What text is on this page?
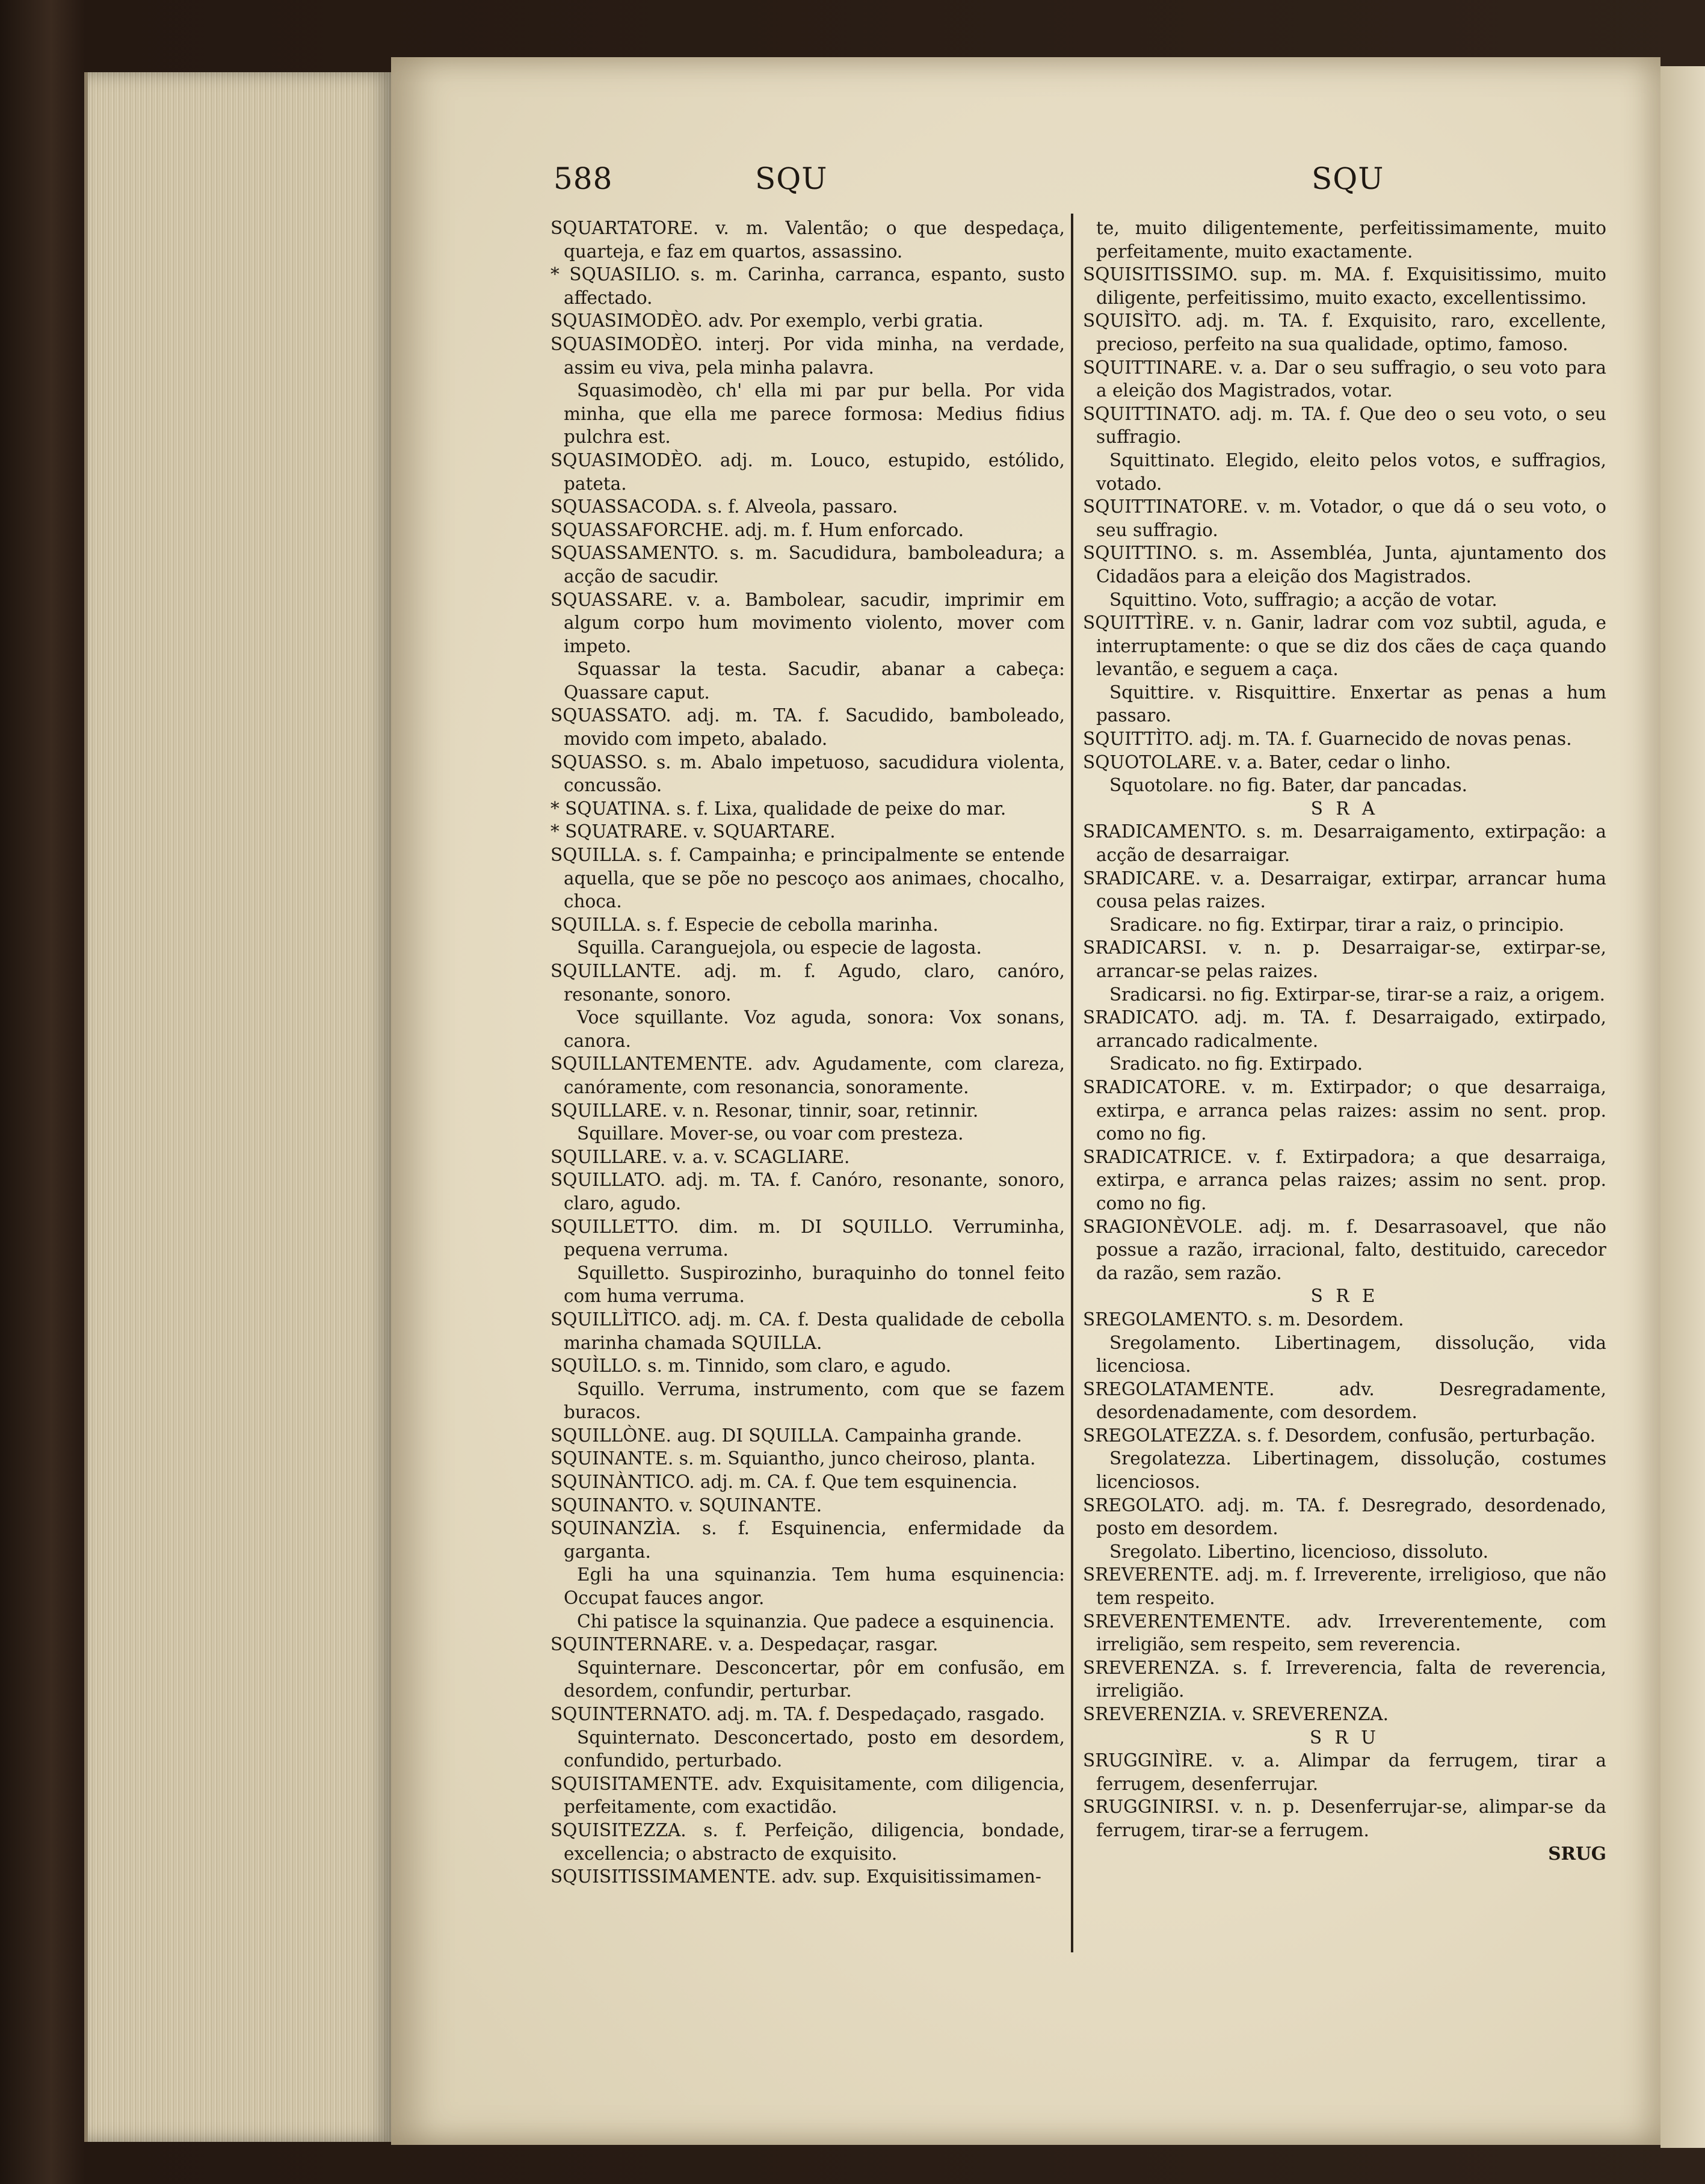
588	SQU	SQU

SQUARTATORE. v. m. Valentão; o que despedaça, quarteja, e faz em quartos, assassino.

* SQUASILIO. s. m. Carinha, carranca, espanto, susto affectado.

SQUASIMODÈO. adv. Por exemplo, verbi gratia.

SQUASIMODÈO. interj. Por vida minha, na verdade, assim eu viva, pela minha palavra.

Squasimodèo, ch' ella mi par pur bella. Por vida minha, que ella me parece formosa: Medius fidius pulchra est.

SQUASIMODÈO. adj. m. Louco, estupido, estólido, pateta.

SQUASSACODA. s. f. Alveola, passaro.

SQUASSAFORCHE. adj. m. f. Hum enforcado.

SQUASSAMENTO. s. m. Sacudidura, bamboleadura; a acção de sacudir.

SQUASSARE. v. a. Bambolear, sacudir, imprimir em algum corpo hum movimento violento, mover com impeto.

Squassar la testa. Sacudir, abanar a cabeça: Quassare caput.

SQUASSATO. adj. m. TA. f. Sacudido, bamboleado, movido com impeto, abalado.

SQUASSO. s. m. Abalo impetuoso, sacudidura violenta, concussão.

* SQUATINA. s. f. Lixa, qualidade de peixe do mar.

* SQUATRARE. v. SQUARTARE.

SQUILLA. s. f. Campainha; e principalmente se entende aquella, que se põe no pescoço aos animaes, chocalho, choca.

SQUILLA. s. f. Especie de cebolla marinha.

Squilla. Caranguejola, ou especie de lagosta.

SQUILLANTE. adj. m. f. Agudo, claro, canóro, resonante, sonoro.

Voce squillante. Voz aguda, sonora: Vox sonans, canora.

SQUILLANTEMENTE. adv. Agudamente, com clareza, canóramente, com resonancia, sonoramente.

SQUILLARE. v. n. Resonar, tinnir, soar, retinnir.

Squillare. Mover-se, ou voar com presteza.

SQUILLARE. v. a. v. SCAGLIARE.

SQUILLATO. adj. m. TA. f. Canóro, resonante, sonoro, claro, agudo.

SQUILLETTO. dim. m. DI SQUILLO. Verruminha, pequena verruma.

Squilletto. Suspirozinho, buraquinho do tonnel feito com huma verruma.

SQUILLÌTICO. adj. m. CA. f. Desta qualidade de cebolla marinha chamada SQUILLA.

SQUÌLLO. s. m. Tinnido, som claro, e agudo.

Squillo. Verruma, instrumento, com que se fazem buracos.

SQUILLÒNE. aug. DI SQUILLA. Campainha grande.

SQUINANTE. s. m. Squiantho, junco cheiroso, planta.

SQUINÀNTICO. adj. m. CA. f. Que tem esquinencia.

SQUINANTO. v. SQUINANTE.

SQUINANZÌA. s. f. Esquinencia, enfermidade da garganta.

Egli ha una squinanzia. Tem huma esquinencia: Occupat fauces angor.

Chi patisce la squinanzia. Que padece a esquinencia.

SQUINTERNARE. v. a. Despedaçar, rasgar.

Squinternare. Desconcertar, pôr em confusão, em desordem, confundir, perturbar.

SQUINTERNATO. adj. m. TA. f. Despedaçado, rasgado.

Squinternato. Desconcertado, posto em desordem, confundido, perturbado.

SQUISITAMENTE. adv. Exquisitamente, com diligencia, perfeitamente, com exactidão.

SQUISITEZZA. s. f. Perfeição, diligencia, bondade, excellencia; o abstracto de exquisito.

SQUISITISSIMAMENTE. adv. sup. Exquisitissimamen-

te, muito diligentemente, perfeitissimamente, muito perfeitamente, muito exactamente.

SQUISITISSIMO. sup. m. MA. f. Exquisitissimo, muito diligente, perfeitissimo, muito exacto, excellentissimo.

SQUISÌTO. adj. m. TA. f. Exquisito, raro, excellente, precioso, perfeito na sua qualidade, optimo, famoso.

SQUITTINARE. v. a. Dar o seu suffragio, o seu voto para a eleição dos Magistrados, votar.

SQUITTINATO. adj. m. TA. f. Que deo o seu voto, o seu suffragio.

Squittinato. Elegido, eleito pelos votos, e suffragios, votado.

SQUITTINATORE. v. m. Votador, o que dá o seu voto, o seu suffragio.

SQUITTINO. s. m. Assembléa, Junta, ajuntamento dos Cidadãos para a eleição dos Magistrados.

Squittino. Voto, suffragio; a acção de votar.

SQUITTÌRE. v. n. Ganir, ladrar com voz subtil, aguda, e interruptamente: o que se diz dos cães de caça quando levantão, e seguem a caça.

Squittire. v. Risquittire. Enxertar as penas a hum passaro.

SQUITTÌTO. adj. m. TA. f. Guarnecido de novas penas.

SQUOTOLARE. v. a. Bater, cedar o linho.

Squotolare. no fig. Bater, dar pancadas.

S R A

SRADICAMENTO. s. m. Desarraigamento, extirpação: a acção de desarraigar.

SRADICARE. v. a. Desarraigar, extirpar, arrancar huma cousa pelas raizes.

Sradicare. no fig. Extirpar, tirar a raiz, o principio.

SRADICARSI. v. n. p. Desarraigar-se, extirpar-se, arrancar-se pelas raizes.

Sradicarsi. no fig. Extirpar-se, tirar-se a raiz, a origem.

SRADICATO. adj. m. TA. f. Desarraigado, extirpado, arrancado radicalmente.

Sradicato. no fig. Extirpado.

SRADICATORE. v. m. Extirpador; o que desarraiga, extirpa, e arranca pelas raizes: assim no sent. prop. como no fig.

SRADICATRICE. v. f. Extirpadora; a que desarraiga, extirpa, e arranca pelas raizes; assim no sent. prop. como no fig.

SRAGIONÈVOLE. adj. m. f. Desarrasoavel, que não possue a razão, irracional, falto, destituido, carecedor da razão, sem razão.

S R E

SREGOLAMENTO. s. m. Desordem.

Sregolamento. Libertinagem, dissolução, vida licenciosa.

SREGOLATAMENTE. adv. Desregradamente, desordenadamente, com desordem.

SREGOLATEZZA. s. f. Desordem, confusão, perturbação.

Sregolatezza. Libertinagem, dissolução, costumes licenciosos.

SREGOLATO. adj. m. TA. f. Desregrado, desordenado, posto em desordem.

Sregolato. Libertino, licencioso, dissoluto.

SREVERENTE. adj. m. f. Irreverente, irreligioso, que não tem respeito.

SREVERENTEMENTE. adv. Irreverentemente, com irreligião, sem respeito, sem reverencia.

SREVERENZA. s. f. Irreverencia, falta de reverencia, irreligião.

SREVERENZIA. v. SREVERENZA.

S R U

SRUGGINÌRE. v. a. Alimpar da ferrugem, tirar a ferrugem, desenferrujar.

SRUGGINIRSI. v. n. p. Desenferrujar-se, alimpar-se da ferrugem, tirar-se a ferrugem.

SRUG
